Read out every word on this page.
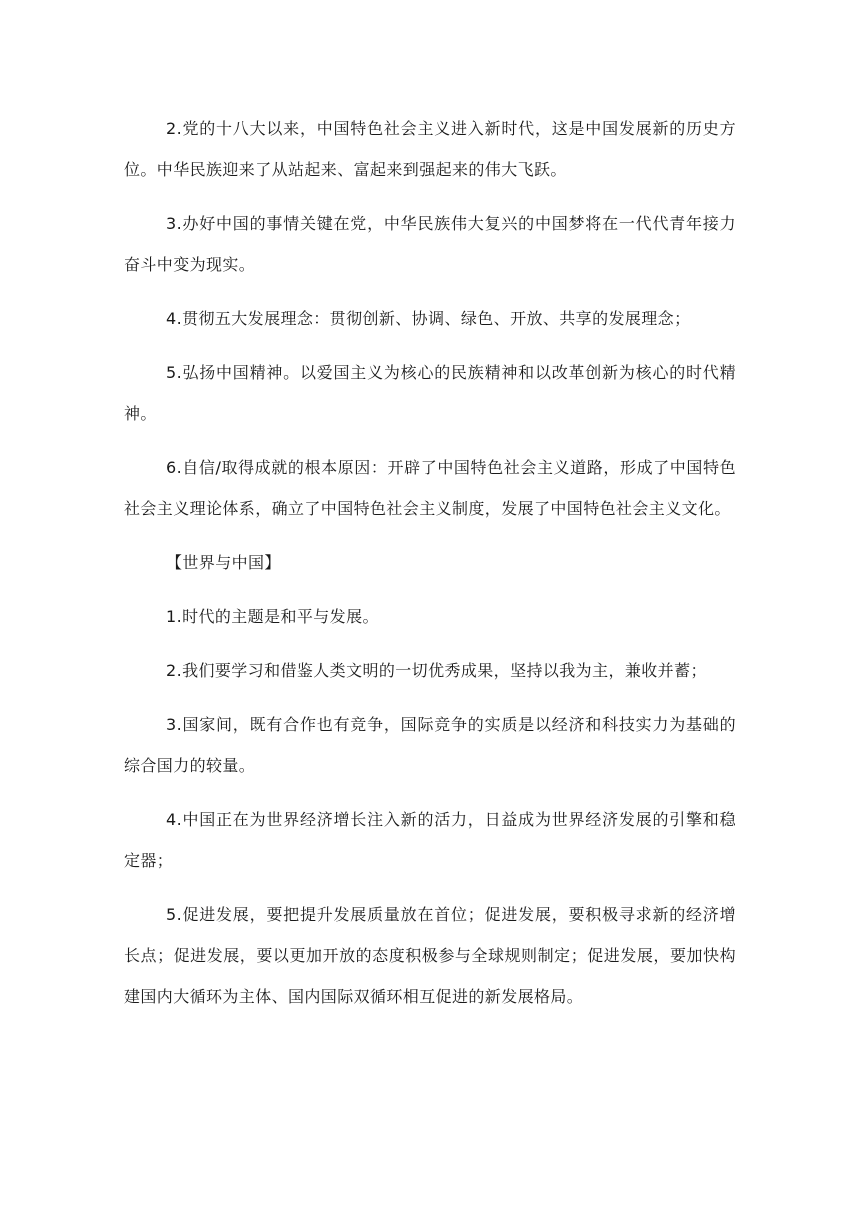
2.党的十八大以来，中国特色社会主义进入新时代，这是中国发展新的历史方位。中华民族迎来了从站起来、富起来到强起来的伟大飞跃。

3.办好中国的事情关键在党，中华民族伟大复兴的中国梦将在一代代青年接力奋斗中变为现实。

4.贯彻五大发展理念：贯彻创新、协调、绿色、开放、共享的发展理念；

5.弘扬中国精神。以爱国主义为核心的民族精神和以改革创新为核心的时代精神。

6.自信/取得成就的根本原因：开辟了中国特色社会主义道路，形成了中国特色社会主义理论体系，确立了中国特色社会主义制度，发展了中国特色社会主义文化。

【世界与中国】

1.时代的主题是和平与发展。

2.我们要学习和借鉴人类文明的一切优秀成果，坚持以我为主，兼收并蓄；

3.国家间，既有合作也有竞争，国际竞争的实质是以经济和科技实力为基础的综合国力的较量。

4.中国正在为世界经济增长注入新的活力，日益成为世界经济发展的引擎和稳定器；

5.促进发展，要把提升发展质量放在首位；促进发展，要积极寻求新的经济增长点；促进发展，要以更加开放的态度积极参与全球规则制定；促进发展，要加快构建国内大循环为主体、国内国际双循环相互促进的新发展格局。
